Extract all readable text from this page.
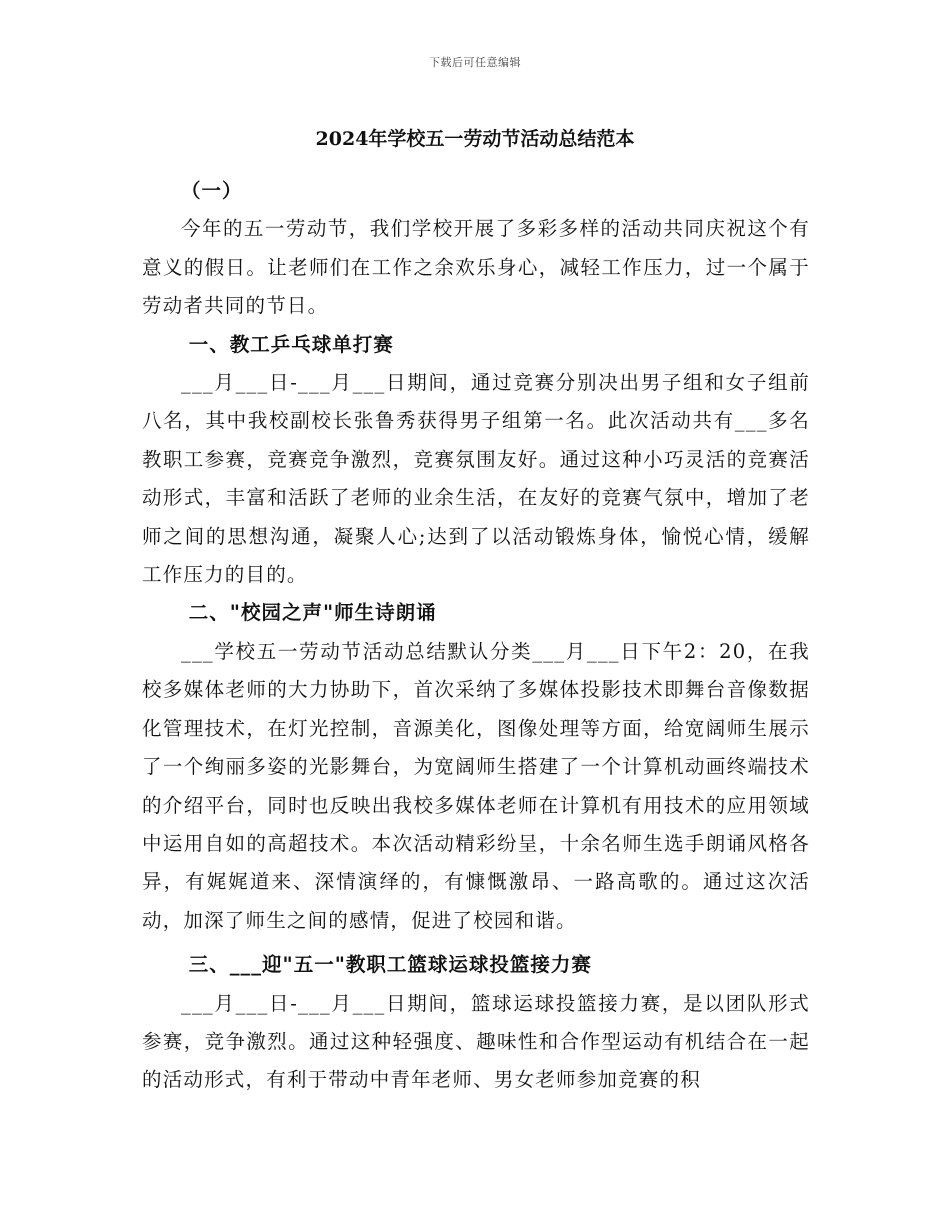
下载后可任意编辑
2024年学校五一劳动节活动总结范本
（一）

今年的五一劳动节，我们学校开展了多彩多样的活动共同庆祝这个有意义的假日。让老师们在工作之余欢乐身心，减轻工作压力，过一个属于劳动者共同的节日。

一、教工乒乓球单打赛

___月___日-___月___日期间，通过竞赛分别决出男子组和女子组前八名，其中我校副校长张鲁秀获得男子组第一名。此次活动共有___多名教职工参赛，竞赛竞争激烈，竞赛氛围友好。通过这种小巧灵活的竞赛活动形式，丰富和活跃了老师的业余生活，在友好的竞赛气氛中，增加了老师之间的思想沟通，凝聚人心;达到了以活动锻炼身体，愉悦心情，缓解工作压力的目的。

二、"校园之声"师生诗朗诵

___学校五一劳动节活动总结默认分类___月___日下午2：20，在我校多媒体老师的大力协助下，首次采纳了多媒体投影技术即舞台音像数据化管理技术，在灯光控制，音源美化，图像处理等方面，给宽阔师生展示了一个绚丽多姿的光影舞台，为宽阔师生搭建了一个计算机动画终端技术的介绍平台，同时也反映出我校多媒体老师在计算机有用技术的应用领域中运用自如的高超技术。本次活动精彩纷呈，十余名师生选手朗诵风格各异，有娓娓道来、深情演绎的，有慷慨激昂、一路高歌的。通过这次活动，加深了师生之间的感情，促进了校园和谐。

三、___迎"五一"教职工篮球运球投篮接力赛

___月___日-___月___日期间，篮球运球投篮接力赛，是以团队形式参赛，竞争激烈。通过这种轻强度、趣味性和合作型运动有机结合在一起的活动形式，有利于带动中青年老师、男女老师参加竞赛的积
